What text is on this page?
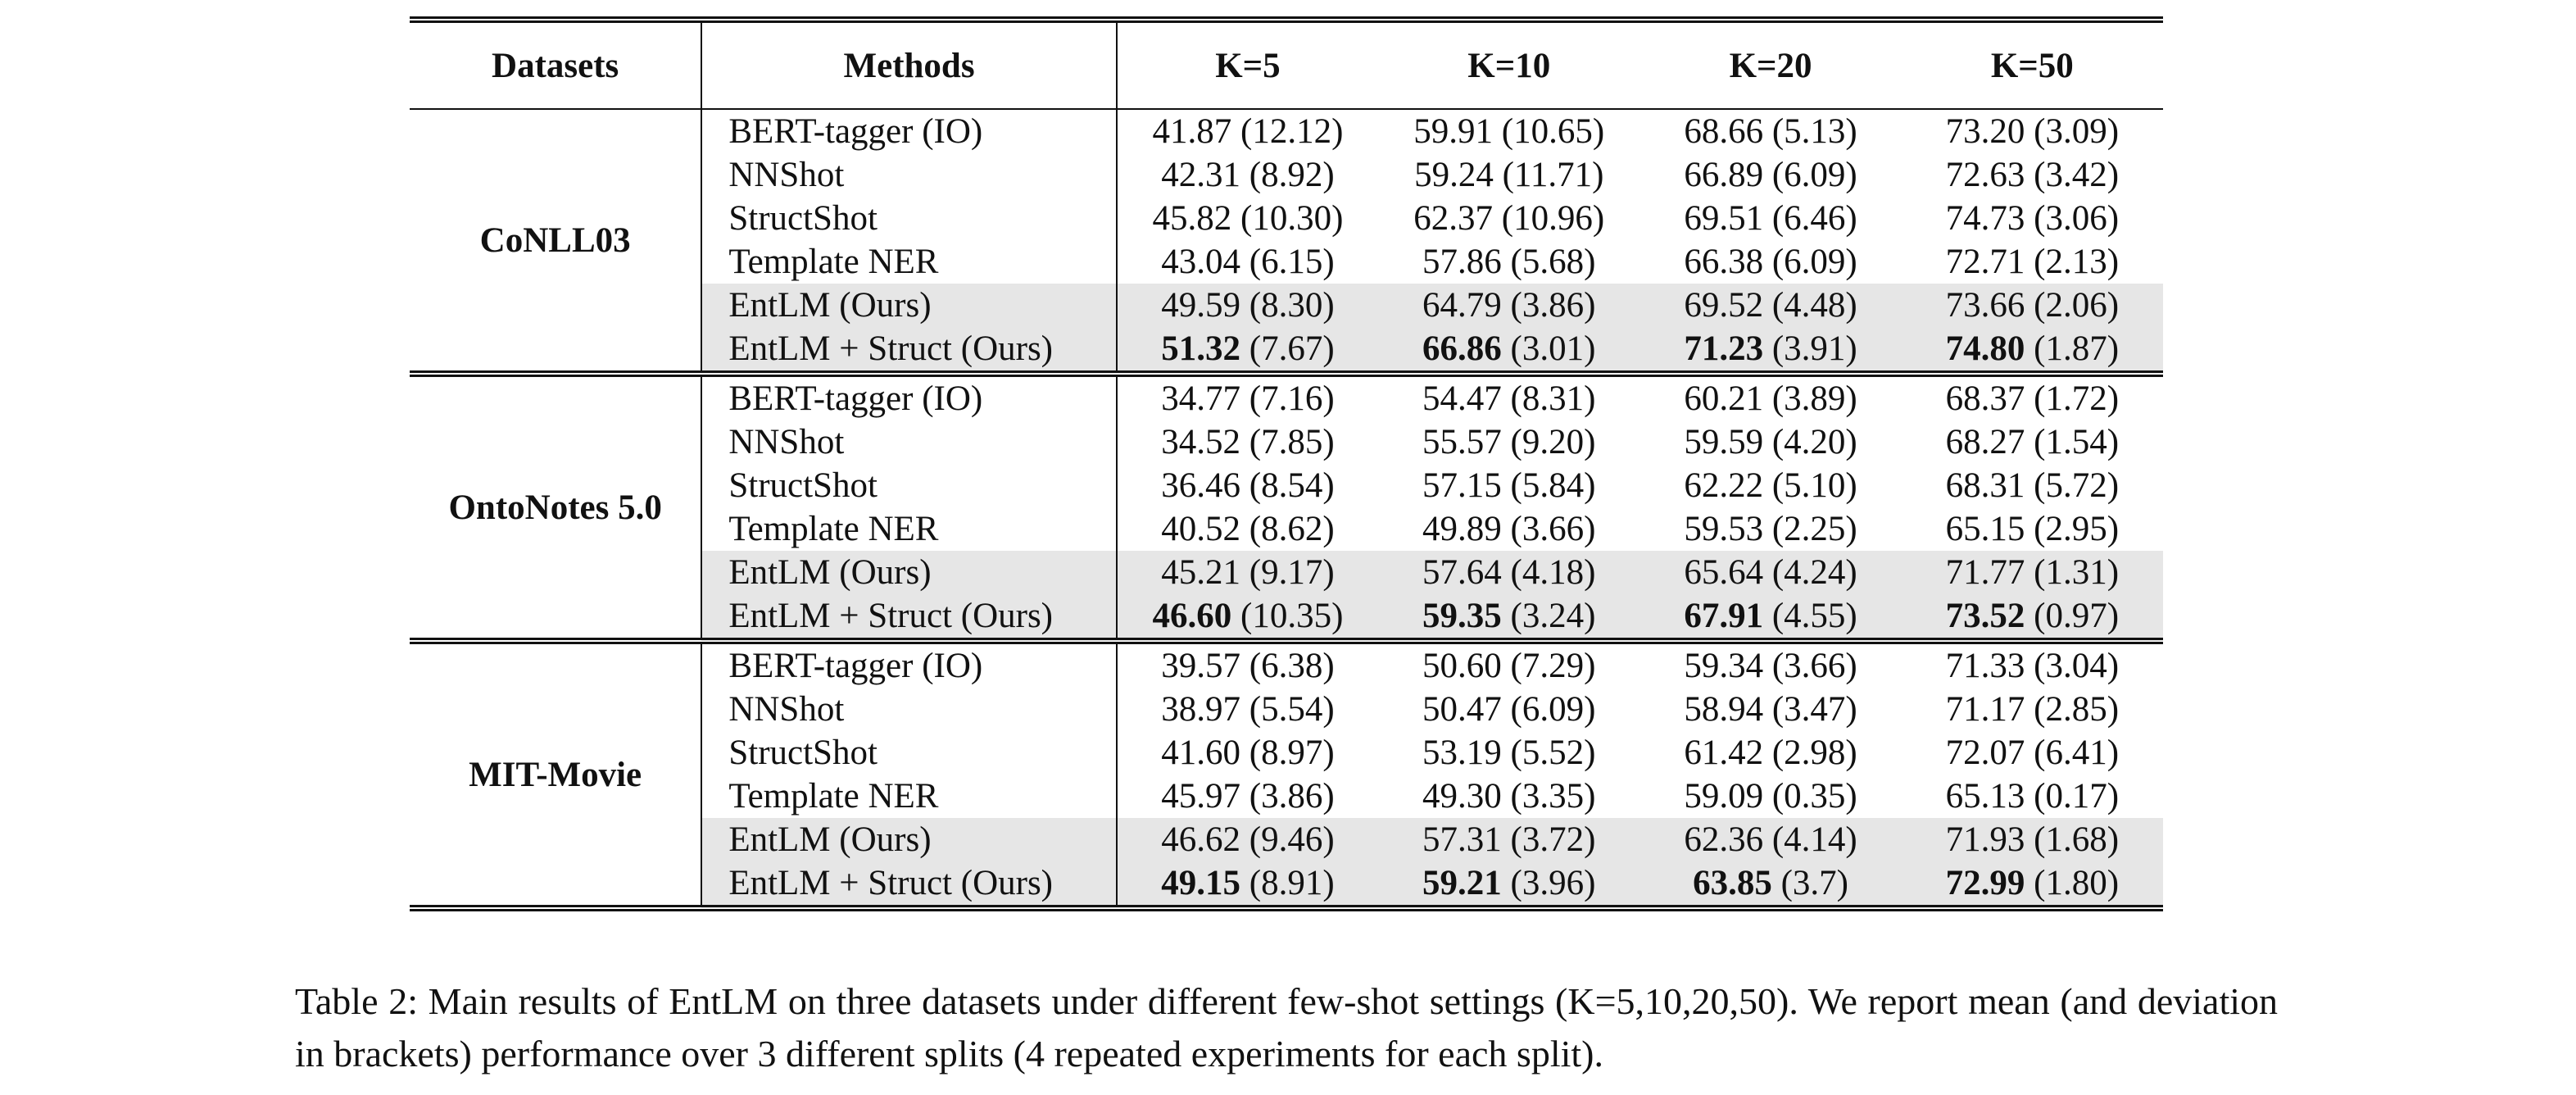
Datasets	Methods	K=5	K=10	K=20	K=50
CoNLL03	BERT-tagger (IO)	41.87 (12.12)	59.91 (10.65)	68.66 (5.13)	73.20 (3.09)
	NNShot	42.31 (8.92)	59.24 (11.71)	66.89 (6.09)	72.63 (3.42)
	StructShot	45.82 (10.30)	62.37 (10.96)	69.51 (6.46)	74.73 (3.06)
	Template NER	43.04 (6.15)	57.86 (5.68)	66.38 (6.09)	72.71 (2.13)
	EntLM (Ours)	49.59 (8.30)	64.79 (3.86)	69.52 (4.48)	73.66 (2.06)
	EntLM + Struct (Ours)	51.32 (7.67)	66.86 (3.01)	71.23 (3.91)	74.80 (1.87)
OntoNotes 5.0	BERT-tagger (IO)	34.77 (7.16)	54.47 (8.31)	60.21 (3.89)	68.37 (1.72)
	NNShot	34.52 (7.85)	55.57 (9.20)	59.59 (4.20)	68.27 (1.54)
	StructShot	36.46 (8.54)	57.15 (5.84)	62.22 (5.10)	68.31 (5.72)
	Template NER	40.52 (8.62)	49.89 (3.66)	59.53 (2.25)	65.15 (2.95)
	EntLM (Ours)	45.21 (9.17)	57.64 (4.18)	65.64 (4.24)	71.77 (1.31)
	EntLM + Struct (Ours)	46.60 (10.35)	59.35 (3.24)	67.91 (4.55)	73.52 (0.97)
MIT-Movie	BERT-tagger (IO)	39.57 (6.38)	50.60 (7.29)	59.34 (3.66)	71.33 (3.04)
	NNShot	38.97 (5.54)	50.47 (6.09)	58.94 (3.47)	71.17 (2.85)
	StructShot	41.60 (8.97)	53.19 (5.52)	61.42 (2.98)	72.07 (6.41)
	Template NER	45.97 (3.86)	49.30 (3.35)	59.09 (0.35)	65.13 (0.17)
	EntLM (Ours)	46.62 (9.46)	57.31 (3.72)	62.36 (4.14)	71.93 (1.68)
	EntLM + Struct (Ours)	49.15 (8.91)	59.21 (3.96)	63.85 (3.7)	72.99 (1.80)
Table 2: Main results of EntLM on three datasets under different few-shot settings (K=5,10,20,50). We report mean (and deviation in brackets) performance over 3 different splits (4 repeated experiments for each split).
